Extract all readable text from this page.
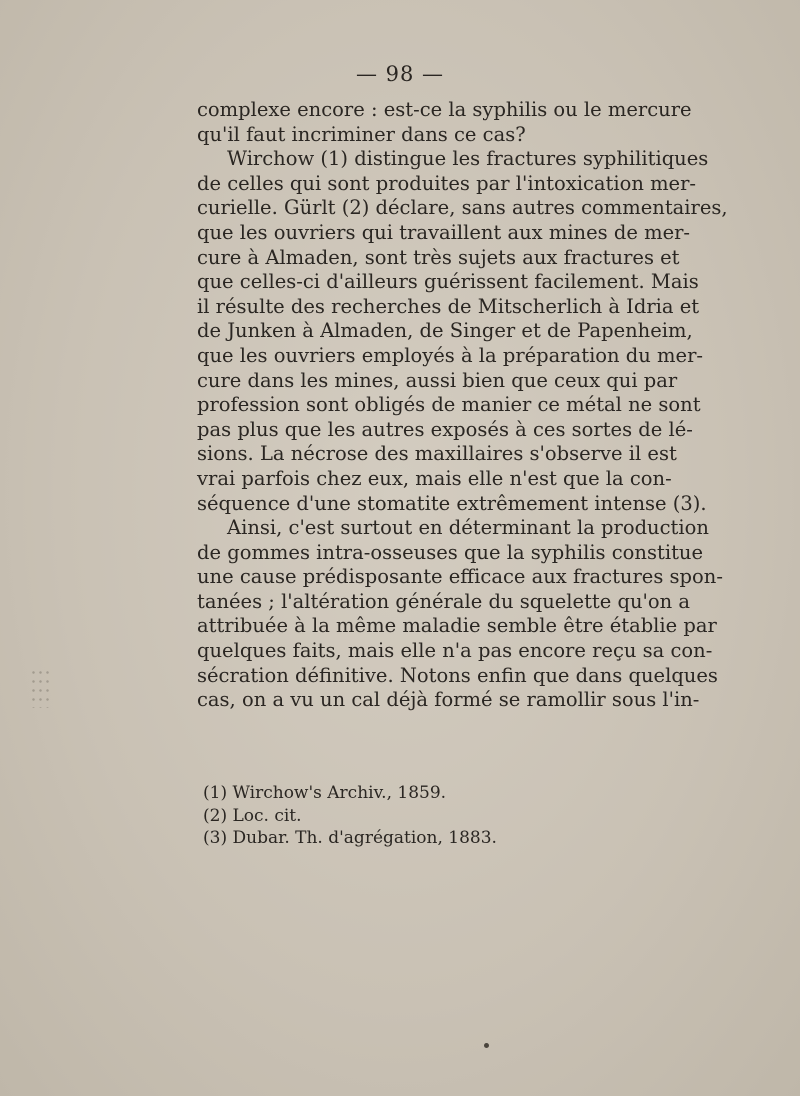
— 98 —
complexe encore : est-ce la syphilis ou le mercure
qu'il faut incriminer dans ce cas?
Wirchow (1) distingue les fractures syphilitiques
de celles qui sont produites par l'intoxication mer-
curielle. Gürlt (2) déclare, sans autres commentaires,
que les ouvriers qui travaillent aux mines de mer-
cure à Almaden, sont très sujets aux fractures et
que celles-ci d'ailleurs guérissent facilement. Mais
il résulte des recherches de Mitscherlich à Idria et
de Junken à Almaden, de Singer et de Papenheim,
que les ouvriers employés à la préparation du mer-
cure dans les mines, aussi bien que ceux qui par
profession sont obligés de manier ce métal ne sont
pas plus que les autres exposés à ces sortes de lé-
sions. La nécrose des maxillaires s'observe il est
vrai parfois chez eux, mais elle n'est que la con-
séquence d'une stomatite extrêmement intense (3).
Ainsi, c'est surtout en déterminant la production
de gommes intra-osseuses que la syphilis constitue
une cause prédisposante efficace aux fractures spon-
tanées ; l'altération générale du squelette qu'on a
attribuée à la même maladie semble être établie par
quelques faits, mais elle n'a pas encore reçu sa con-
sécration définitive. Notons enfin que dans quelques
cas, on a vu un cal déjà formé se ramollir sous l'in-
(1) Wirchow's Archiv., 1859.
(2) Loc. cit.
(3) Dubar. Th. d'agrégation, 1883.
